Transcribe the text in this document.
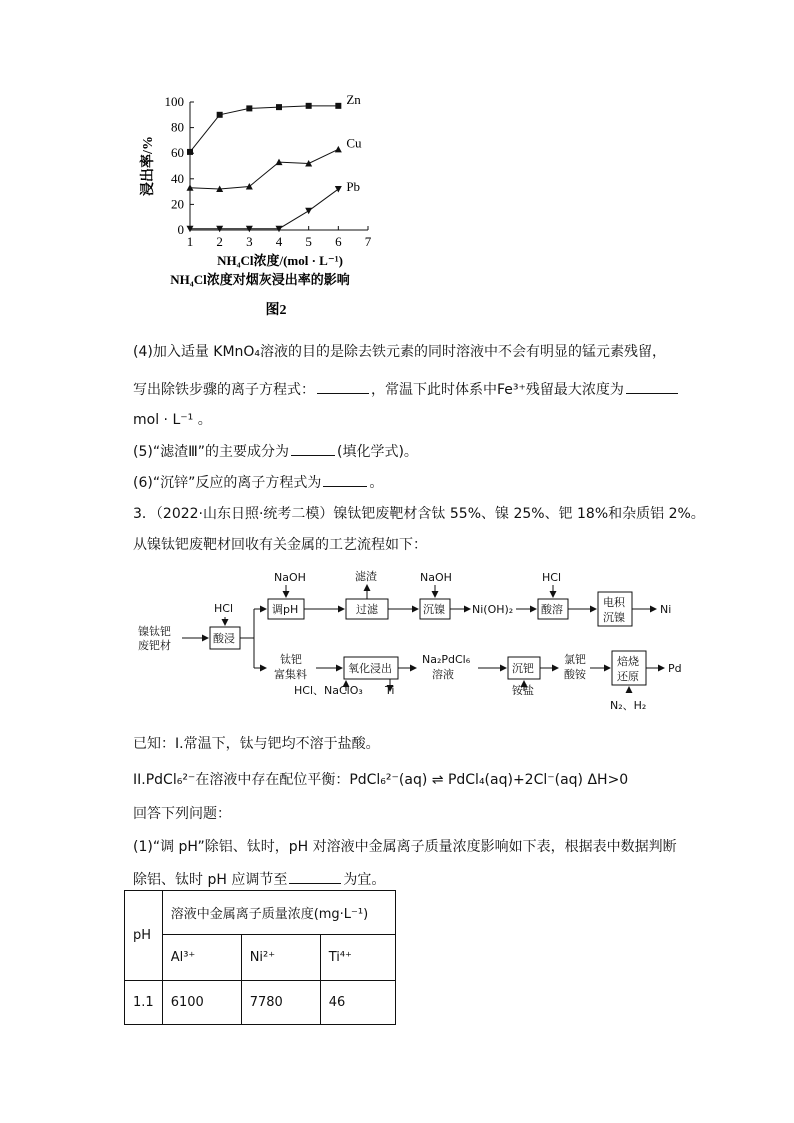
0
20
40
60
80
100
1 2 3 4 5 6 7
Zn
Cu
Pb
浸出率/%
NH₄Cl浓度/(mol · L⁻¹)
NH₄Cl浓度对烟灰浸出率的影响
图2
(4)加入适量 KMnO₄溶液的目的是除去铁元素的同时溶液中不会有明显的锰元素残留，
写出除铁步骤的离子方程式：	，常温下此时体系中Fe³⁺残留最大浓度为
mol · L⁻¹ 。
(5)“滤渣Ⅲ”的主要成分为	(填化学式)。
(6)“沉锌”反应的离子方程式为	。
3．（2022·山东日照·统考二模）镍钛钯废靶材含钛 55%、镍 25%、钯 18%和杂质铝 2%。
从镍钛钯废靶材回收有关金属的工艺流程如下：
镍钛钯
废钯材
HCl
酸浸
NaOH
调pH
滤渣
过滤
NaOH
沉镍 Ni(OH)₂
HCl
酸溶
电积
沉镍
Ni
钛钯
富集料	氧化浸出
Na₂PdCl₆
溶液
HCl、NaClO₃ Ti
沉钯
铵盐
氯钯
酸铵
焙烧
还原
Pd
N₂、H₂
已知：I.常温下，钛与钯均不溶于盐酸。
II.PdCl₆²⁻在溶液中存在配位平衡：PdCl₆²⁻(aq) ⇌ PdCl₄(aq)+2Cl⁻(aq) ΔH>0
回答下列问题：
(1)“调 pH”除铝、钛时，pH 对溶液中金属离子质量浓度影响如下表，根据表中数据判断
除铝、钛时 pH 应调节至	为宜。
pH	溶液中金属离子质量浓度(mg·L⁻¹)		
	Al³⁺	Ni²⁺	Ti⁴⁺
1.1	6100	7780	46
